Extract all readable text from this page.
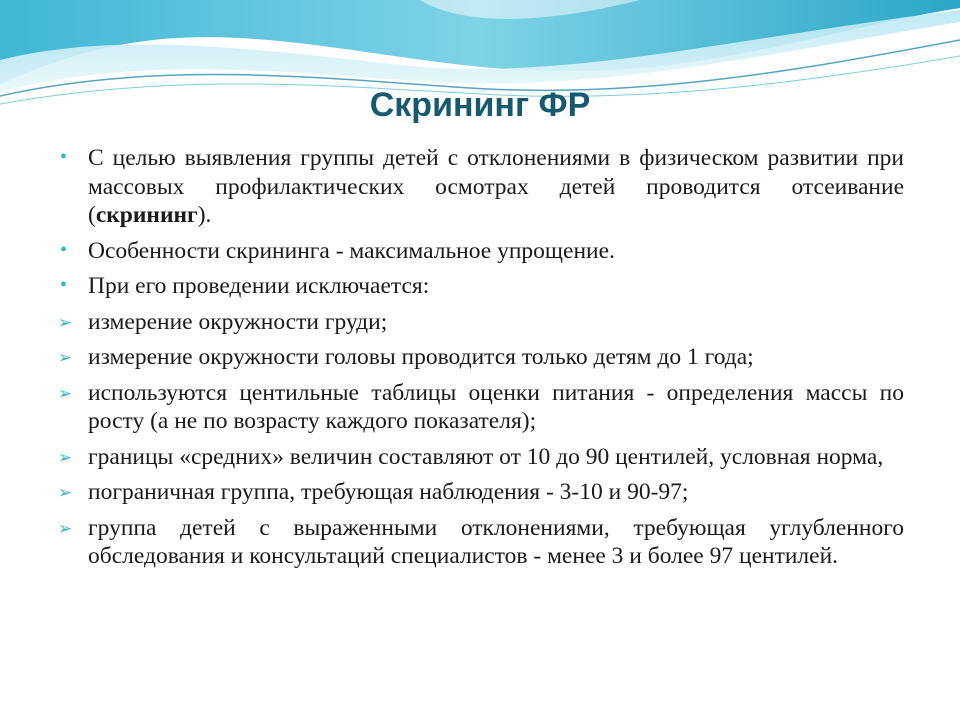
Скрининг ФР
• С целью выявления группы детей с отклонениями в физическом развитии при массовых профилактических осмотрах детей проводится отсеивание (скрининг).
• Особенности скрининга - максимальное упрощение.
• При его проведении исключается:
➢ измерение окружности груди;
➢ измерение окружности головы проводится только детям до 1 года;
➢ используются центильные таблицы оценки питания - определения массы по росту (а не по возрасту каждого показателя);
➢ границы «средних» величин составляют от 10 до 90 центилей, условная норма,
➢ пограничная группа, требующая наблюдения - 3-10 и 90-97;
➢ группа детей с выраженными отклонениями, требующая углубленного обследования и консультаций специалистов - менее 3 и более 97 центилей.
